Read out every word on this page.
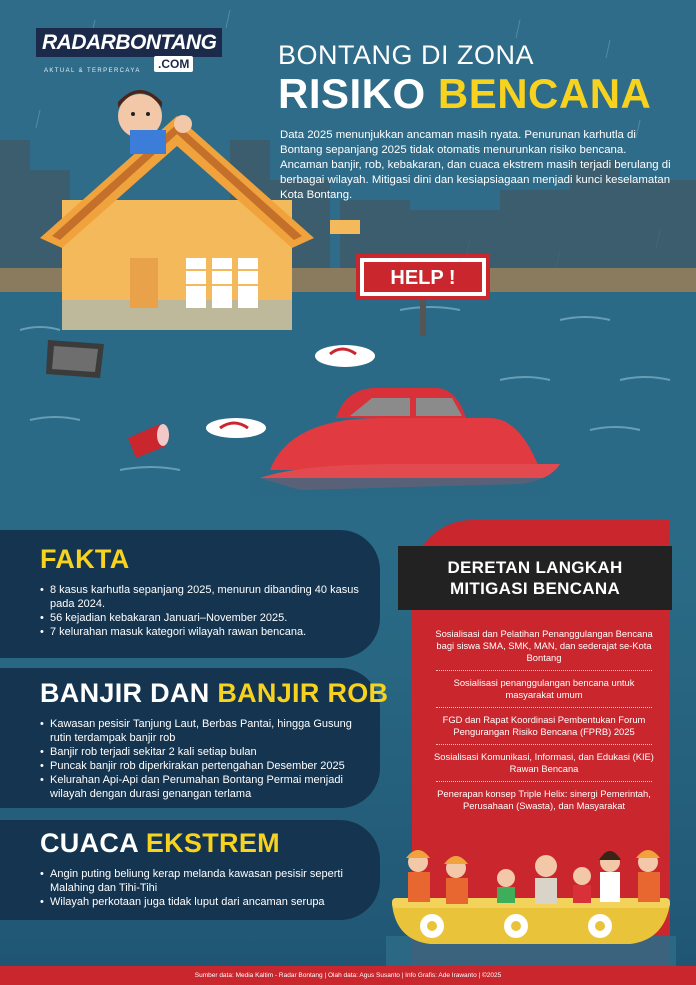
HELP !
RADARBONTANG
.COM
AKTUAL & TERPERCAYA
BONTANG DI ZONA
RISIKO BENCANA

Data 2025 menunjukkan ancaman masih nyata. Penurunan karhutla di Bontang sepanjang 2025 tidak otomatis menurunkan risiko bencana. Ancaman banjir, rob, kebakaran, dan cuaca ekstrem masih terjadi berulang di berbagai wilayah. Mitigasi dini dan kesiapsiagaan menjadi kunci keselamatan Kota Bontang.

FAKTA
• 8 kasus karhutla sepanjang 2025, menurun dibanding 40 kasus pada 2024.
• 56 kejadian kebakaran Januari–November 2025.
• 7 kelurahan masuk kategori wilayah rawan bencana.
BANJIR DAN BANJIR ROB
• Kawasan pesisir Tanjung Laut, Berbas Pantai, hingga Gusung rutin terdampak banjir rob
• Banjir rob terjadi sekitar 2 kali setiap bulan
• Puncak banjir rob diperkirakan pertengahan Desember 2025
• Kelurahan Api-Api dan Perumahan Bontang Permai menjadi wilayah dengan durasi genangan terlama
CUACA EKSTREM
• Angin puting beliung kerap melanda kawasan pesisir seperti Malahing dan Tihi-Tihi
• Wilayah perkotaan juga tidak luput dari ancaman serupa
DERETAN LANGKAH
MITIGASI BENCANA
Sosialisasi dan Pelatihan Penanggulangan Bencana bagi siswa SMA, SMK, MAN, dan sederajat se-Kota Bontang
Sosialisasi penanggulangan bencana untuk masyarakat umum
FGD dan Rapat Koordinasi Pembentukan Forum Pengurangan Risiko Bencana (FPRB) 2025
Sosialisasi Komunikasi, Informasi, dan Edukasi (KIE) Rawan Bencana
Penerapan konsep Triple Helix: sinergi Pemerintah, Perusahaan (Swasta), dan Masyarakat
Sumber data: Media Kaltim - Radar Bontang | Olah data: Agus Susanto | Info Grafis: Ade Irawanto | ©2025
